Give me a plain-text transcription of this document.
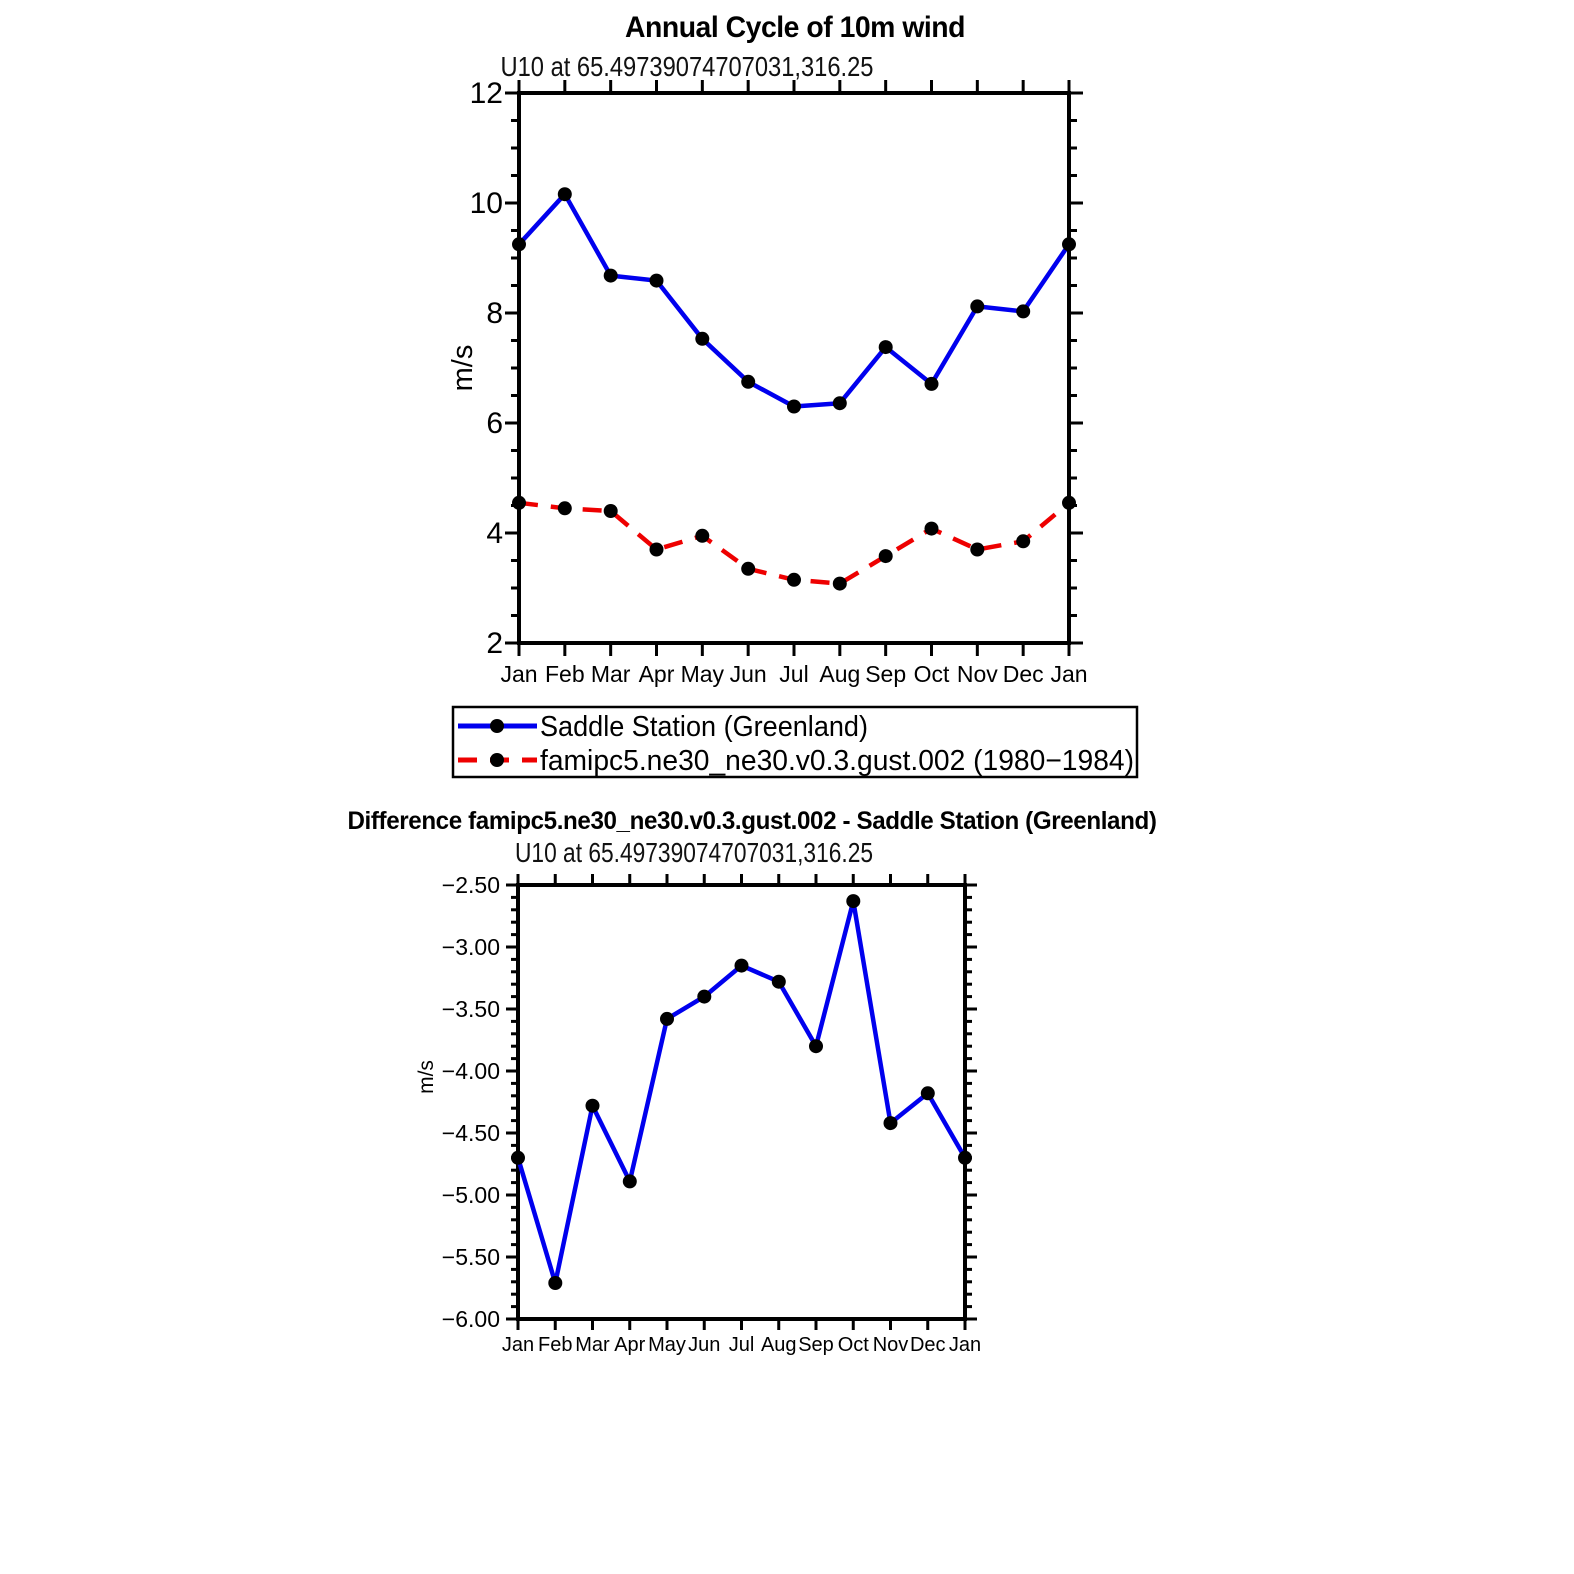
Jan Feb Mar Apr May Jun Jul Aug Sep Oct Nov Dec Jan
2
4
6
8
10
12
Jan Feb Mar Apr May Jun Jul Aug Sep Oct Nov Dec Jan
−6.00
−5.50
−5.00
−4.50
−4.00
−3.50
−3.00
−2.50
Annual Cycle of 10m wind
U10 at 65.49739074707031,316.25
m/s
Saddle Station (Greenland)
famipc5.ne30_ne30.v0.3.gust.002 (1980−1984)
Difference famipc5.ne30_ne30.v0.3.gust.002 - Saddle Station (Greenland)
U10 at 65.49739074707031,316.25
m/s
